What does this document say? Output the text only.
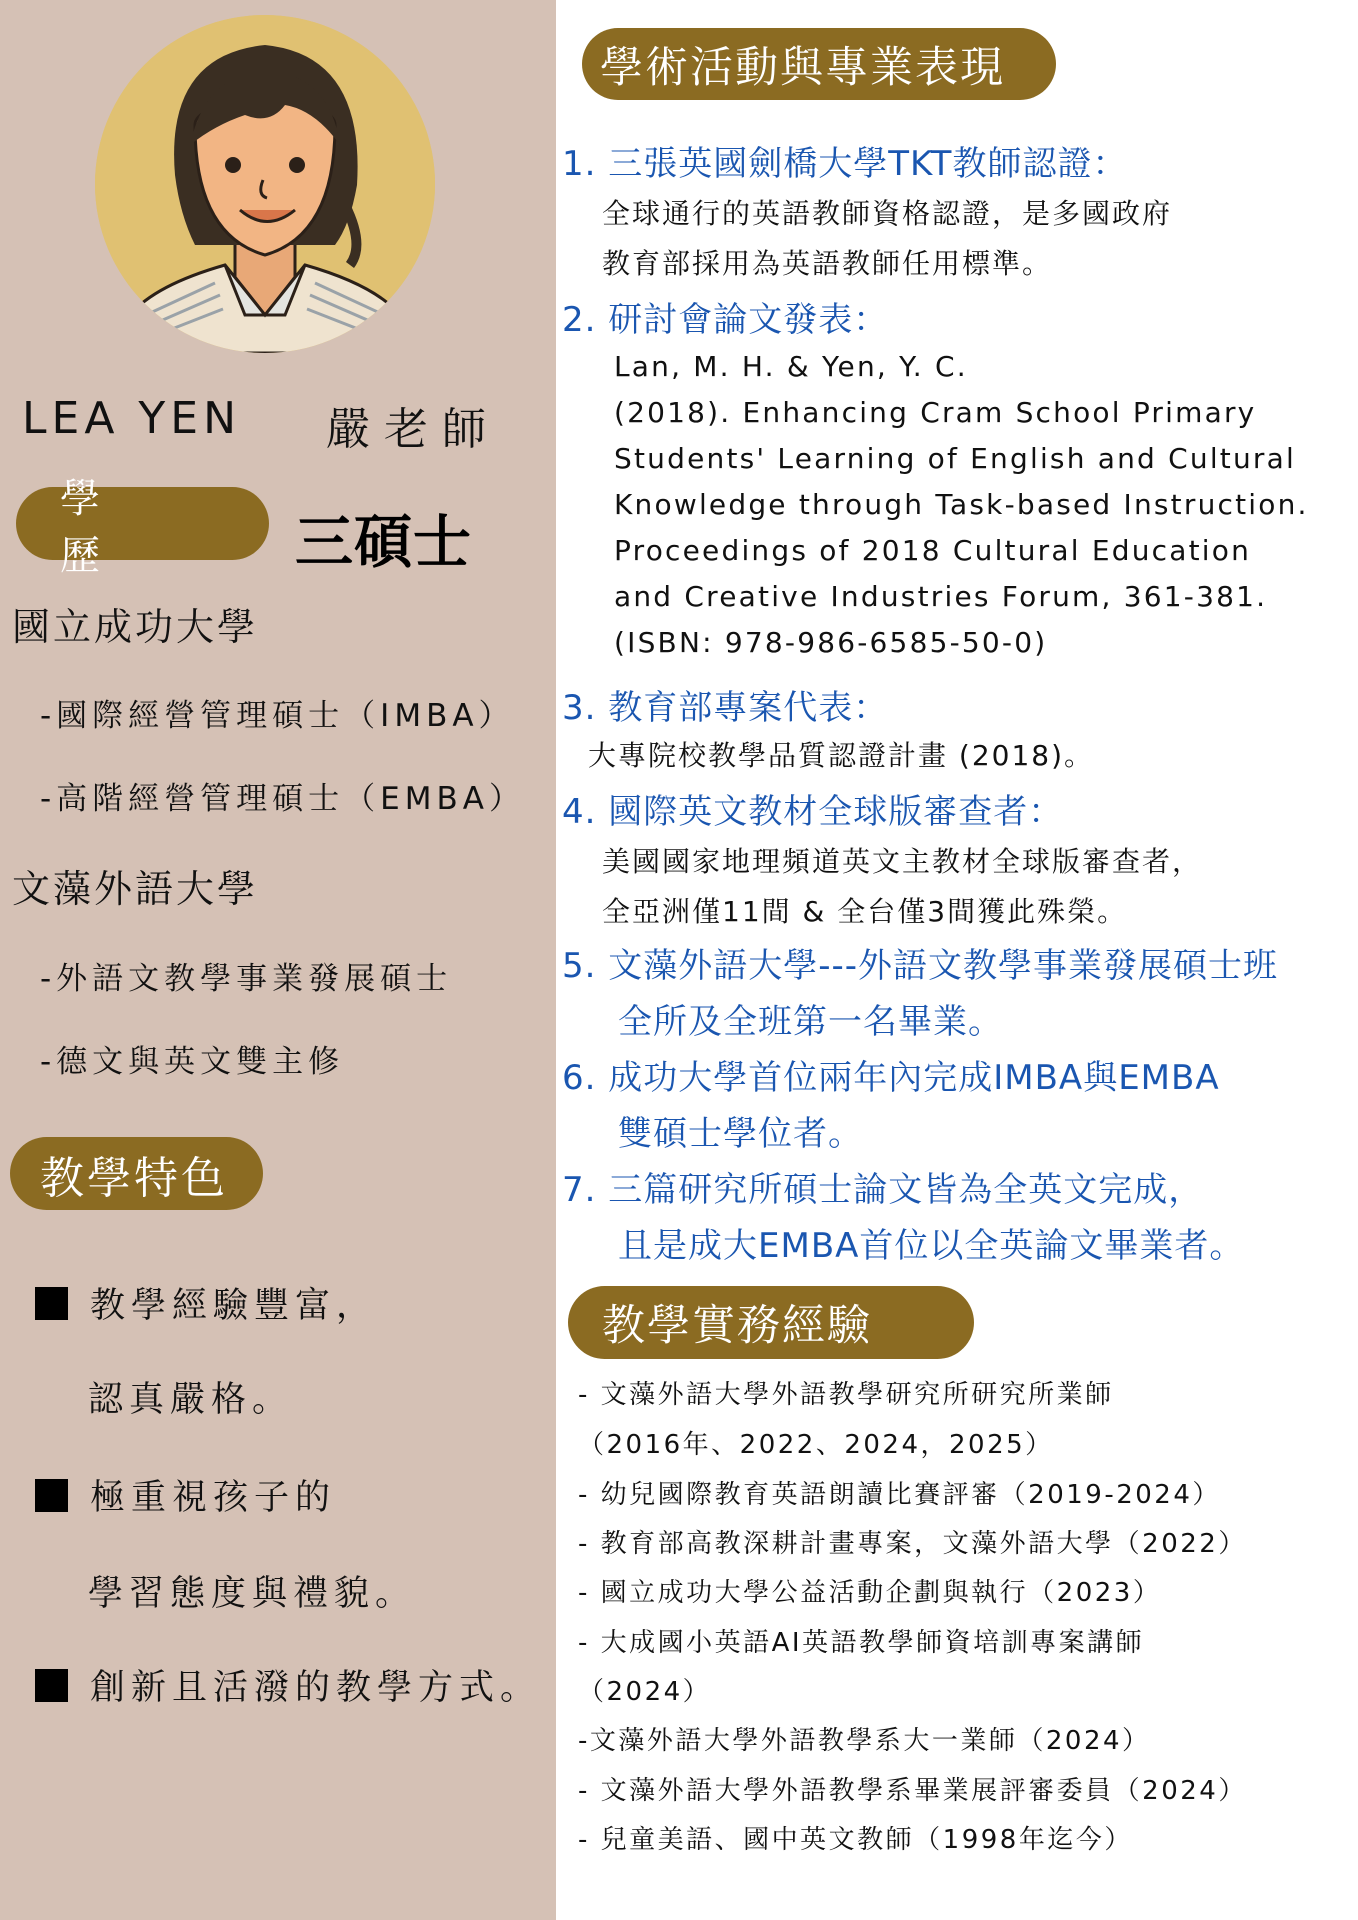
LEA YEN 嚴老師
學 歷	三碩士
國立成功大學
-國際經營管理碩士（IMBA）
-高階經營管理碩士（EMBA）
文藻外語大學
-外語文教學事業發展碩士
-德文與英文雙主修
教學特色
教學經驗豐富，
認真嚴格。
極重視孩子的
學習態度與禮貌。
創新且活潑的教學方式。
學術活動與專業表現
1. 三張英國劍橋大學TKT教師認證：
全球通行的英語教師資格認證，是多國政府
教育部採用為英語教師任用標準。
2. 研討會論文發表：
Lan, M. H. & Yen, Y. C.
(2018). Enhancing Cram School Primary
Students' Learning of English and Cultural
Knowledge through Task-based Instruction.
Proceedings of 2018 Cultural Education
and Creative Industries Forum, 361-381.
(ISBN: 978-986-6585-50-0)
3. 教育部專案代表：
大專院校教學品質認證計畫 (2018)。
4. 國際英文教材全球版審查者：
美國國家地理頻道英文主教材全球版審查者，
全亞洲僅11間 & 全台僅3間獲此殊榮。
5. 文藻外語大學---外語文教學事業發展碩士班
全所及全班第一名畢業。
6. 成功大學首位兩年內完成IMBA與EMBA
雙碩士學位者。
7. 三篇研究所碩士論文皆為全英文完成，
且是成大EMBA首位以全英論文畢業者。
教學實務經驗
- 文藻外語大學外語教學研究所研究所業師
（2016年、2022、2024，2025）
- 幼兒國際教育英語朗讀比賽評審（2019-2024）
- 教育部高教深耕計畫專案，文藻外語大學（2022）
- 國立成功大學公益活動企劃與執行（2023）
- 大成國小英語AI英語教學師資培訓專案講師
（2024）
-文藻外語大學外語教學系大一業師（2024）
- 文藻外語大學外語教學系畢業展評審委員（2024）
- 兒童美語、國中英文教師（1998年迄今）
